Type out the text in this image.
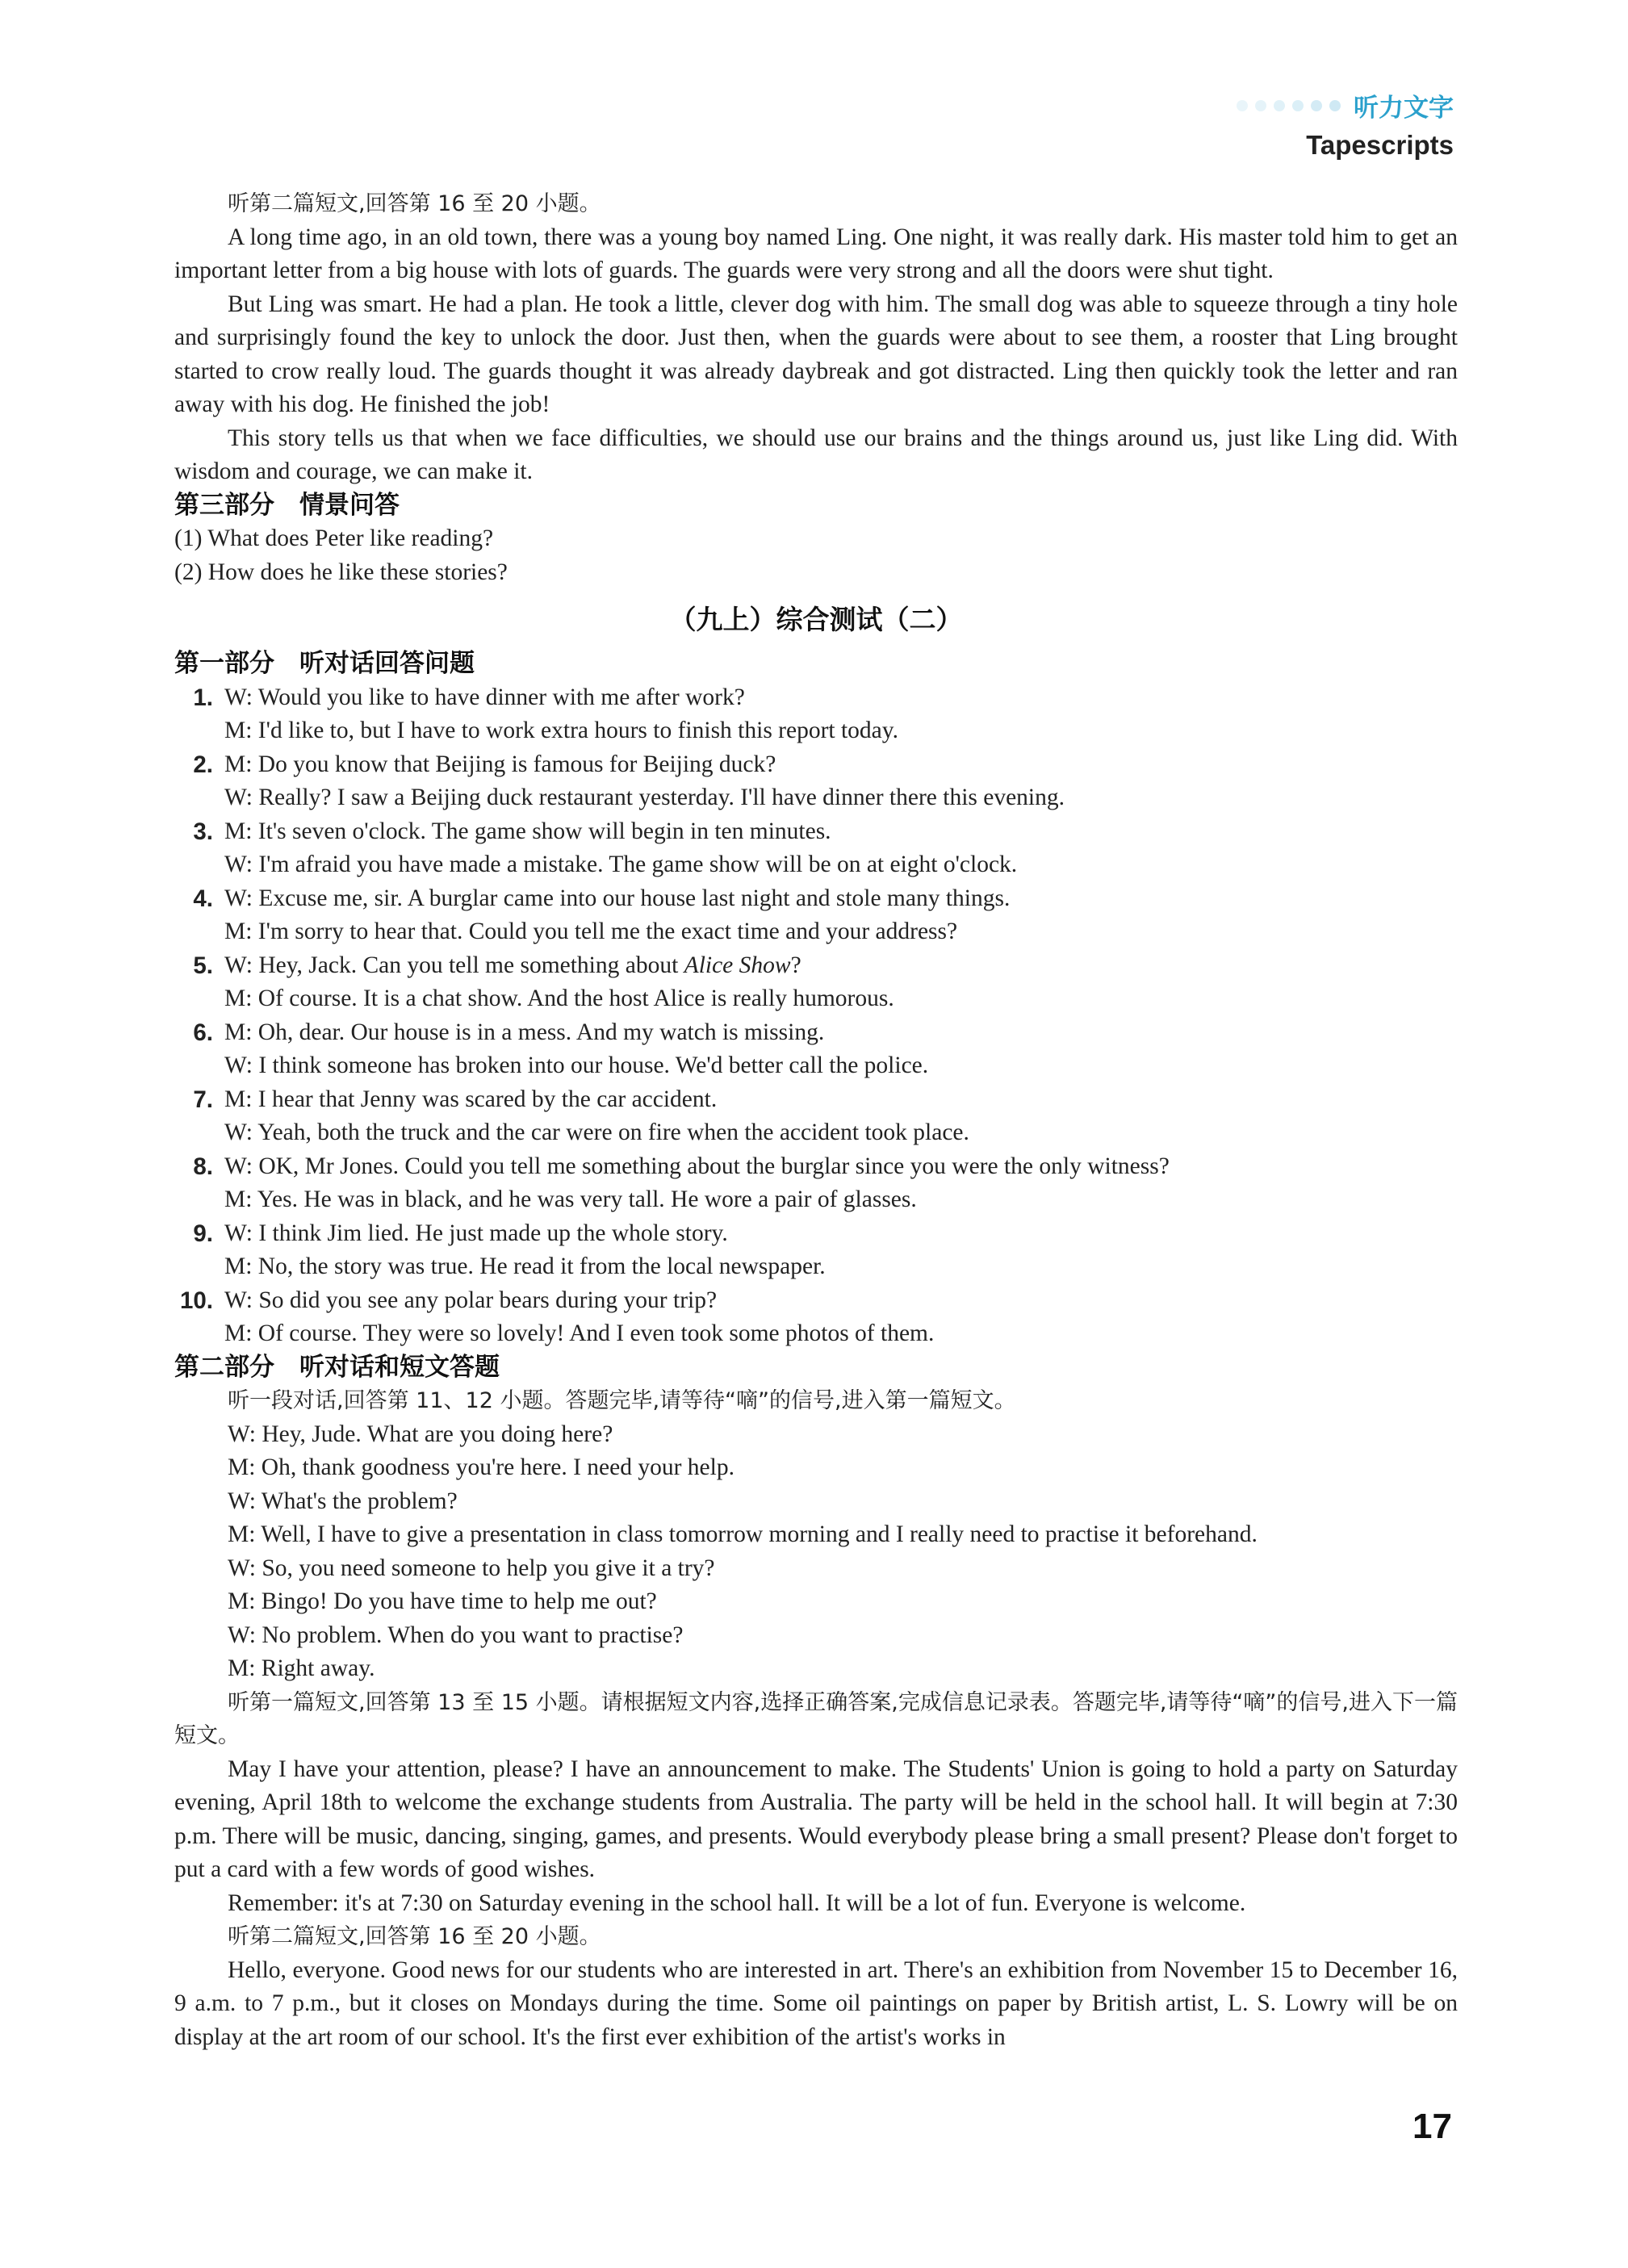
听力文字
Tapescripts

听第二篇短文,回答第 16 至 20 小题。

A long time ago, in an old town, there was a young boy named Ling. One night, it was really dark. His master told him to get an important letter from a big house with lots of guards. The guards were very strong and all the doors were shut tight.

But Ling was smart. He had a plan. He took a little, clever dog with him. The small dog was able to squeeze through a tiny hole and surprisingly found the key to unlock the door. Just then, when the guards were about to see them, a rooster that Ling brought started to crow really loud. The guards thought it was already daybreak and got distracted. Ling then quickly took the letter and ran away with his dog. He finished the job!

This story tells us that when we face difficulties, we should use our brains and the things around us, just like Ling did. With wisdom and courage, we can make it.

第三部分　情景问答

(1) What does Peter like reading?

(2) How does he like these stories?

（九上）综合测试（二）

第一部分　听对话回答问题

1. W: Would you like to have dinner with me after work?
M: I'd like to, but I have to work extra hours to finish this report today.
2. M: Do you know that Beijing is famous for Beijing duck?
W: Really? I saw a Beijing duck restaurant yesterday. I'll have dinner there this evening.
3. M: It's seven o'clock. The game show will begin in ten minutes.
W: I'm afraid you have made a mistake. The game show will be on at eight o'clock.
4. W: Excuse me, sir. A burglar came into our house last night and stole many things.
M: I'm sorry to hear that. Could you tell me the exact time and your address?
5. W: Hey, Jack. Can you tell me something about Alice Show?
M: Of course. It is a chat show. And the host Alice is really humorous.
6. M: Oh, dear. Our house is in a mess. And my watch is missing.
W: I think someone has broken into our house. We'd better call the police.
7. M: I hear that Jenny was scared by the car accident.
W: Yeah, both the truck and the car were on fire when the accident took place.
8. W: OK, Mr Jones. Could you tell me something about the burglar since you were the only witness?
M: Yes. He was in black, and he was very tall. He wore a pair of glasses.
9. W: I think Jim lied. He just made up the whole story.
M: No, the story was true. He read it from the local newspaper.
10. W: So did you see any polar bears during your trip?
M: Of course. They were so lovely! And I even took some photos of them.

第二部分　听对话和短文答题

听一段对话,回答第 11、12 小题。答题完毕,请等待“嘀”的信号,进入第一篇短文。

W: Hey, Jude. What are you doing here?
M: Oh, thank goodness you're here. I need your help.
W: What's the problem?
M: Well, I have to give a presentation in class tomorrow morning and I really need to practise it beforehand.
W: So, you need someone to help you give it a try?
M: Bingo! Do you have time to help me out?
W: No problem. When do you want to practise?
M: Right away.

听第一篇短文,回答第 13 至 15 小题。请根据短文内容,选择正确答案,完成信息记录表。答题完毕,请等待“嘀”的信号,进入下一篇短文。

May I have your attention, please? I have an announcement to make. The Students' Union is going to hold a party on Saturday evening, April 18th to welcome the exchange students from Australia. The party will be held in the school hall. It will begin at 7:30 p.m. There will be music, dancing, singing, games, and presents. Would everybody please bring a small present? Please don't forget to put a card with a few words of good wishes.

Remember: it's at 7:30 on Saturday evening in the school hall. It will be a lot of fun. Everyone is welcome.

听第二篇短文,回答第 16 至 20 小题。

Hello, everyone. Good news for our students who are interested in art. There's an exhibition from November 15 to December 16, 9 a.m. to 7 p.m., but it closes on Mondays during the time. Some oil paintings on paper by British artist, L. S. Lowry will be on display at the art room of our school. It's the first ever exhibition of the artist's works in

17
